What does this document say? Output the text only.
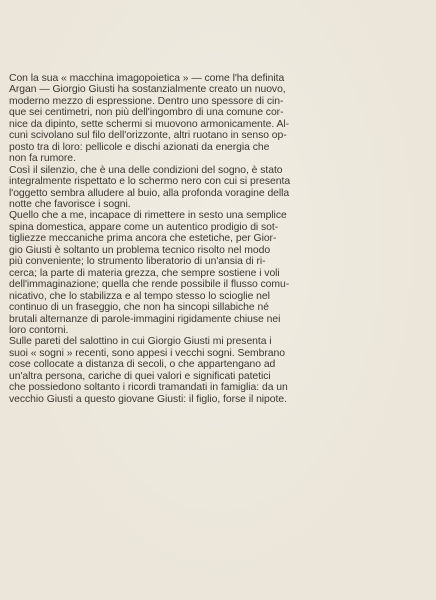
Con la sua « macchina imagopoietica » — come l'ha definita
Argan — Giorgio Giusti ha sostanzialmente creato un nuovo,
moderno mezzo di espressione. Dentro uno spessore di cin-
que sei centimetri, non più dell'ingombro di una comune cor-
nice da dipinto, sette schermi si muovono armonicamente. Al-
cuni scivolano sul filo dell'orizzonte, altri ruotano in senso op-
posto tra di loro: pellicole e dischi azionati da energia che
non fa rumore.
Così il silenzio, che è una delle condizioni del sogno, è stato
integralmente rispettato e lo schermo nero con cui si presenta
l'oggetto sembra alludere al buio, alla profonda voragine della
notte che favorisce i sogni.
Quello che a me, incapace di rimettere in sesto una semplice
spina domestica, appare come un autentico prodigio di sot-
tigliezze meccaniche prima ancora che estetiche, per Gior-
gio Giusti è soltanto un problema tecnico risolto nel modo
più conveniente; lo strumento liberatorio di un'ansia di ri-
cerca; la parte di materia grezza, che sempre sostiene i voli
dell'immaginazione; quella che rende possibile il flusso comu-
nicativo, che lo stabilizza e al tempo stesso lo scioglie nel
continuo di un fraseggio, che non ha sincopi sillabiche né
brutali alternanze di parole-immagini rigidamente chiuse nei
loro contorni.
Sulle pareti del salottino in cui Giorgio Giusti mi presenta i
suoi « sogni » recenti, sono appesi i vecchi sogni. Sembrano
cose collocate a distanza di secoli, o che appartengano ad
un'altra persona, cariche di quei valori e significati patetici
che possiedono soltanto i ricordi tramandati in famiglia: da un
vecchio Giusti a questo giovane Giusti: il figlio, forse il nipote.
